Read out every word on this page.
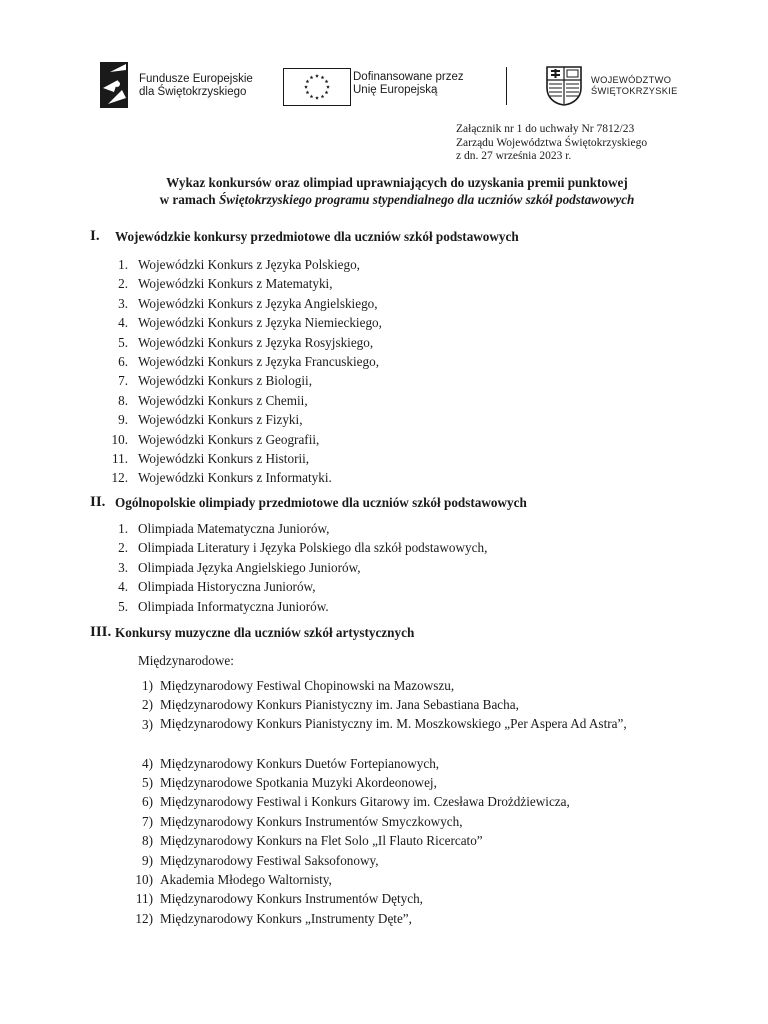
Fundusze Europejskie
dla Świętokrzyskiego
Dofinansowane przez
Unię Europejską
WOJEWÓDZTWO
ŚWIĘTOKRZYSKIE
Załącznik nr 1 do uchwały Nr 7812/23
Zarządu Województwa Świętokrzyskiego
z dn. 27 września 2023 r.
Wykaz konkursów oraz olimpiad uprawniających do uzyskania premii punktowej
w ramach Świętokrzyskiego programu stypendialnego dla uczniów szkół podstawowych
I. Wojewódzkie konkursy przedmiotowe dla uczniów szkół podstawowych
1. Wojewódzki Konkurs z Języka Polskiego,
2. Wojewódzki Konkurs z Matematyki,
3. Wojewódzki Konkurs z Języka Angielskiego,
4. Wojewódzki Konkurs z Języka Niemieckiego,
5. Wojewódzki Konkurs z Języka Rosyjskiego,
6. Wojewódzki Konkurs z Języka Francuskiego,
7. Wojewódzki Konkurs z Biologii,
8. Wojewódzki Konkurs z Chemii,
9. Wojewódzki Konkurs z Fizyki,
10. Wojewódzki Konkurs z Geografii,
11. Wojewódzki Konkurs z Historii,
12. Wojewódzki Konkurs z Informatyki.
II. Ogólnopolskie olimpiady przedmiotowe dla uczniów szkół podstawowych
1. Olimpiada Matematyczna Juniorów,
2. Olimpiada Literatury i Języka Polskiego dla szkół podstawowych,
3. Olimpiada Języka Angielskiego Juniorów,
4. Olimpiada Historyczna Juniorów,
5. Olimpiada Informatyczna Juniorów.
III. Konkursy muzyczne dla uczniów szkół artystycznych
Międzynarodowe:
1) Międzynarodowy Festiwal Chopinowski na Mazowszu,
2) Międzynarodowy Konkurs Pianistyczny im. Jana Sebastiana Bacha,
3) Międzynarodowy Konkurs Pianistyczny im. M. Moszkowskiego „Per Aspera Ad Astra”,
4) Międzynarodowy Konkurs Duetów Fortepianowych,
5) Międzynarodowe Spotkania Muzyki Akordeonowej,
6) Międzynarodowy Festiwal i Konkurs Gitarowy im. Czesława Drożdżiewicza,
7) Międzynarodowy Konkurs Instrumentów Smyczkowych,
8) Międzynarodowy Konkurs na Flet Solo „Il Flauto Ricercato”
9) Międzynarodowy Festiwal Saksofonowy,
10) Akademia Młodego Waltornisty,
11) Międzynarodowy Konkurs Instrumentów Dętych,
12) Międzynarodowy Konkurs „Instrumenty Dęte”,
